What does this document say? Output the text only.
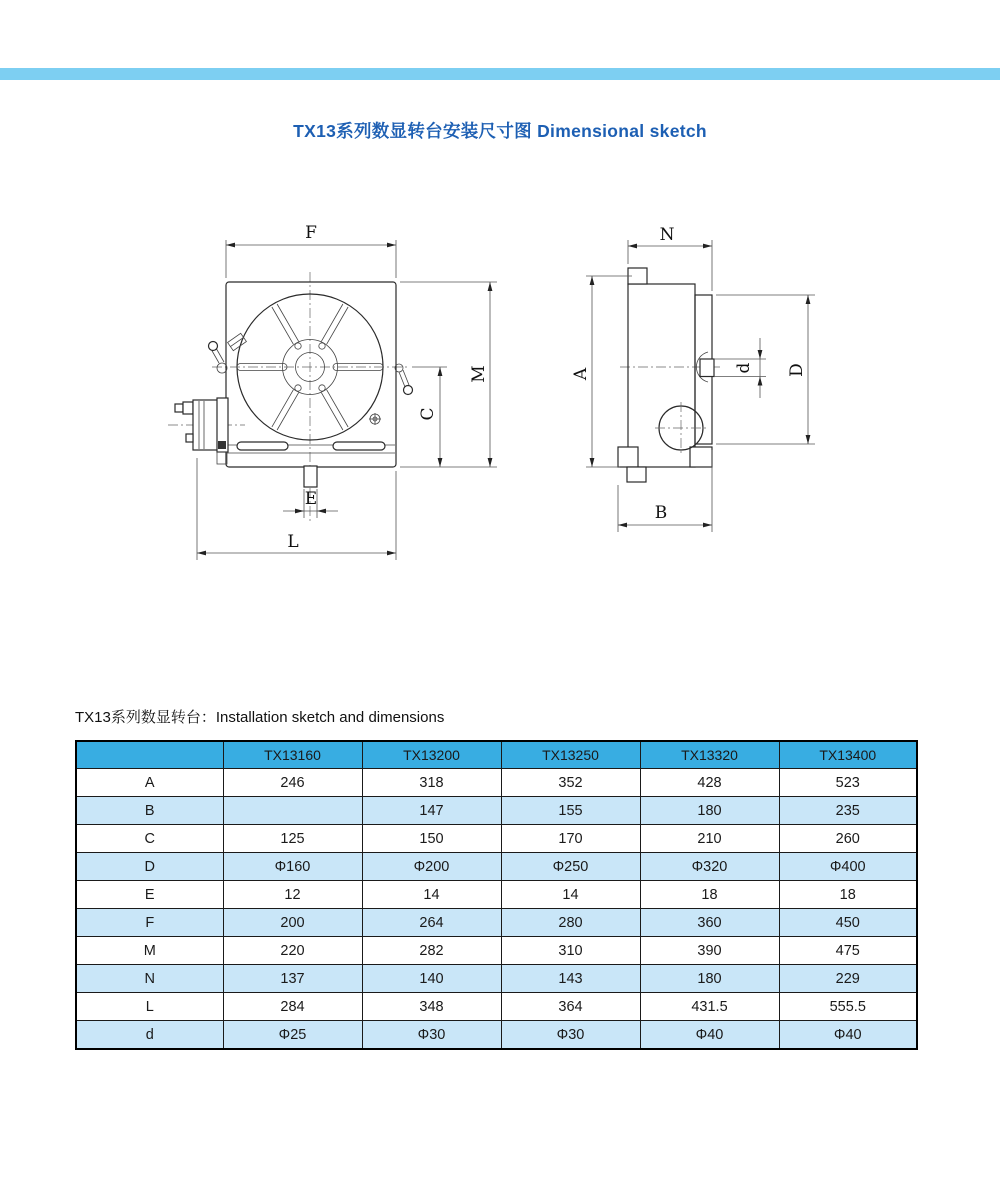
TX13系列数显转台安装尺寸图 Dimensional sketch
F
M
C
E
L
N
A	d D
B
TX13系列数显转台：Installation sketch and dimensions
	TX13160	TX13200	TX13250	TX13320	TX13400
A	246	318	352	428	523
B		147	155	180	235
C	125	150	170	210	260
D	Φ160	Φ200	Φ250	Φ320	Φ400
E	12	14	14	18	18
F	200	264	280	360	450
M	220	282	310	390	475
N	137	140	143	180	229
L	284	348	364	431.5	555.5
d	Φ25	Φ30	Φ30	Φ40	Φ40
